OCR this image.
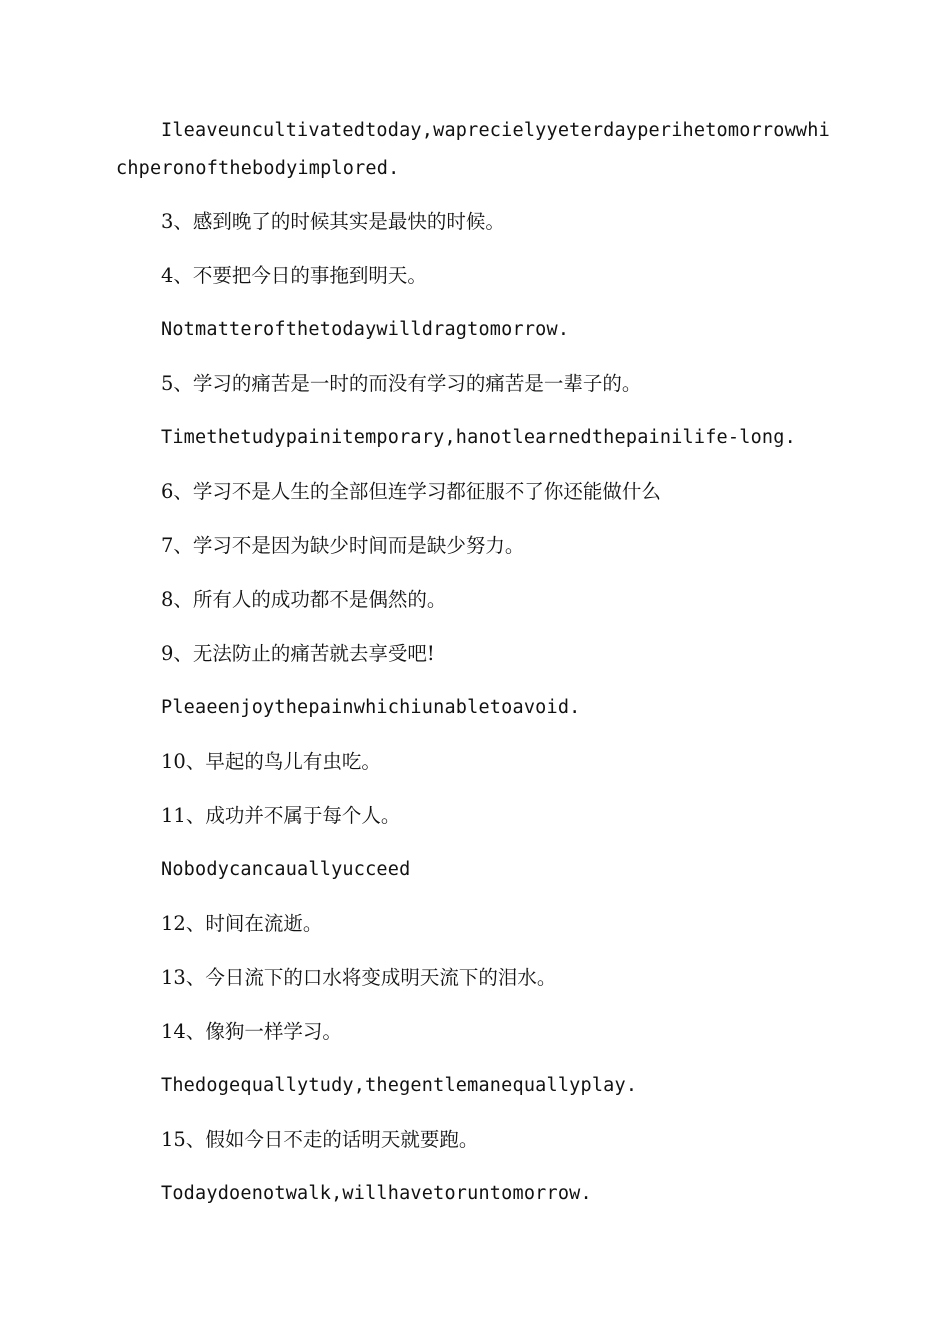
Ileaveuncultivatedtoday,waprecielyyeterdayperihetomorrowwhichperonofthebodyimplored.

3、感到晚了的时候其实是最快的时候。

4、不要把今日的事拖到明天。

Notmatterofthetodaywilldragtomorrow.

5、学习的痛苦是一时的而没有学习的痛苦是一辈子的。

Timethetudypainitemporary,hanotlearnedthepainilife-long.

6、学习不是人生的全部但连学习都征服不了你还能做什么

7、学习不是因为缺少时间而是缺少努力。

8、所有人的成功都不是偶然的。

9、无法防止的痛苦就去享受吧!

Pleaeenjoythepainwhichiunabletoavoid.

10、早起的鸟儿有虫吃。

11、成功并不属于每个人。

Nobodycancauallyucceed

12、时间在流逝。

13、今日流下的口水将变成明天流下的泪水。

14、像狗一样学习。

Thedogequallytudy,thegentlemanequallyplay.

15、假如今日不走的话明天就要跑。

Todaydoenotwalk,willhavetoruntomorrow.
